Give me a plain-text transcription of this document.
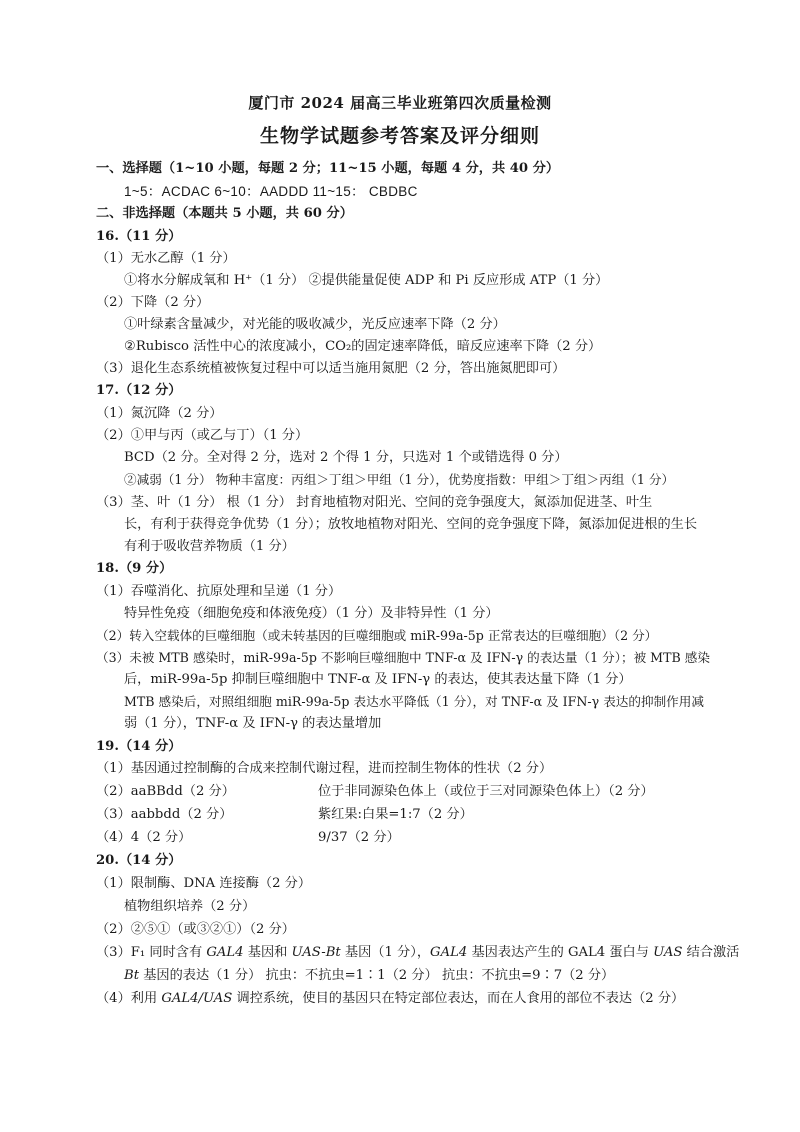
厦门市 2024 届高三毕业班第四次质量检测
生物学试题参考答案及评分细则
一、选择题（1~10 小题，每题 2 分；11~15 小题，每题 4 分，共 40 分）
1~5：ACDAC 6~10：AADDD 11~15： CBDBC
二、非选择题（本题共 5 小题，共 60 分）
16.（11 分）
（1）无水乙醇（1 分）
①将水分解成氧和 H⁺（1 分） ②提供能量促使 ADP 和 Pi 反应形成 ATP（1 分）
（2）下降（2 分）
①叶绿素含量减少，对光能的吸收减少，光反应速率下降（2 分）
②Rubisco 活性中心的浓度减小，CO₂的固定速率降低，暗反应速率下降（2 分）
（3）退化生态系统植被恢复过程中可以适当施用氮肥（2 分，答出施氮肥即可）
17.（12 分）
（1）氮沉降（2 分）
（2）①甲与丙（或乙与丁）（1 分）
BCD（2 分。全对得 2 分，选对 2 个得 1 分，只选对 1 个或错选得 0 分）
②减弱（1 分） 物种丰富度：丙组＞丁组＞甲组（1 分），优势度指数：甲组＞丁组＞丙组（1 分）
（3）茎、叶（1 分） 根（1 分） 封育地植物对阳光、空间的竞争强度大，氮添加促进茎、叶生
长，有利于获得竞争优势（1 分）；放牧地植物对阳光、空间的竞争强度下降，氮添加促进根的生长
有利于吸收营养物质（1 分）
18.（9 分）
（1）吞噬消化、抗原处理和呈递（1 分）
特异性免疫（细胞免疫和体液免疫）（1 分）及非特异性（1 分）
（2）转入空载体的巨噬细胞（或未转基因的巨噬细胞或 miR-99a-5p 正常表达的巨噬细胞）（2 分）
（3）未被 MTB 感染时，miR-99a-5p 不影响巨噬细胞中 TNF-α 及 IFN-γ 的表达量（1 分）；被 MTB 感染
后，miR-99a-5p 抑制巨噬细胞中 TNF-α 及 IFN-γ 的表达，使其表达量下降（1 分）
MTB 感染后，对照组细胞 miR-99a-5p 表达水平降低（1 分），对 TNF-α 及 IFN-γ 表达的抑制作用减
弱（1 分），TNF-α 及 IFN-γ 的表达量增加
19.（14 分）
（1）基因通过控制酶的合成来控制代谢过程，进而控制生物体的性状（2 分）
（2）aaBBdd（2 分）	位于非同源染色体上（或位于三对同源染色体上）（2 分）
（3）aabbdd（2 分）	紫红果:白果=1:7（2 分）
（4）4（2 分）	9/37（2 分）
20.（14 分）
（1）限制酶、DNA 连接酶（2 分）
植物组织培养（2 分）
（2）②⑤①（或③②①）（2 分）
（3）F₁ 同时含有 GAL4 基因和 UAS-Bt 基因（1 分），GAL4 基因表达产生的 GAL4 蛋白与 UAS 结合激活
Bt 基因的表达（1 分） 抗虫：不抗虫=1∶1（2 分） 抗虫：不抗虫=9∶7（2 分）
（4）利用 GAL4/UAS 调控系统，使目的基因只在特定部位表达，而在人食用的部位不表达（2 分）
